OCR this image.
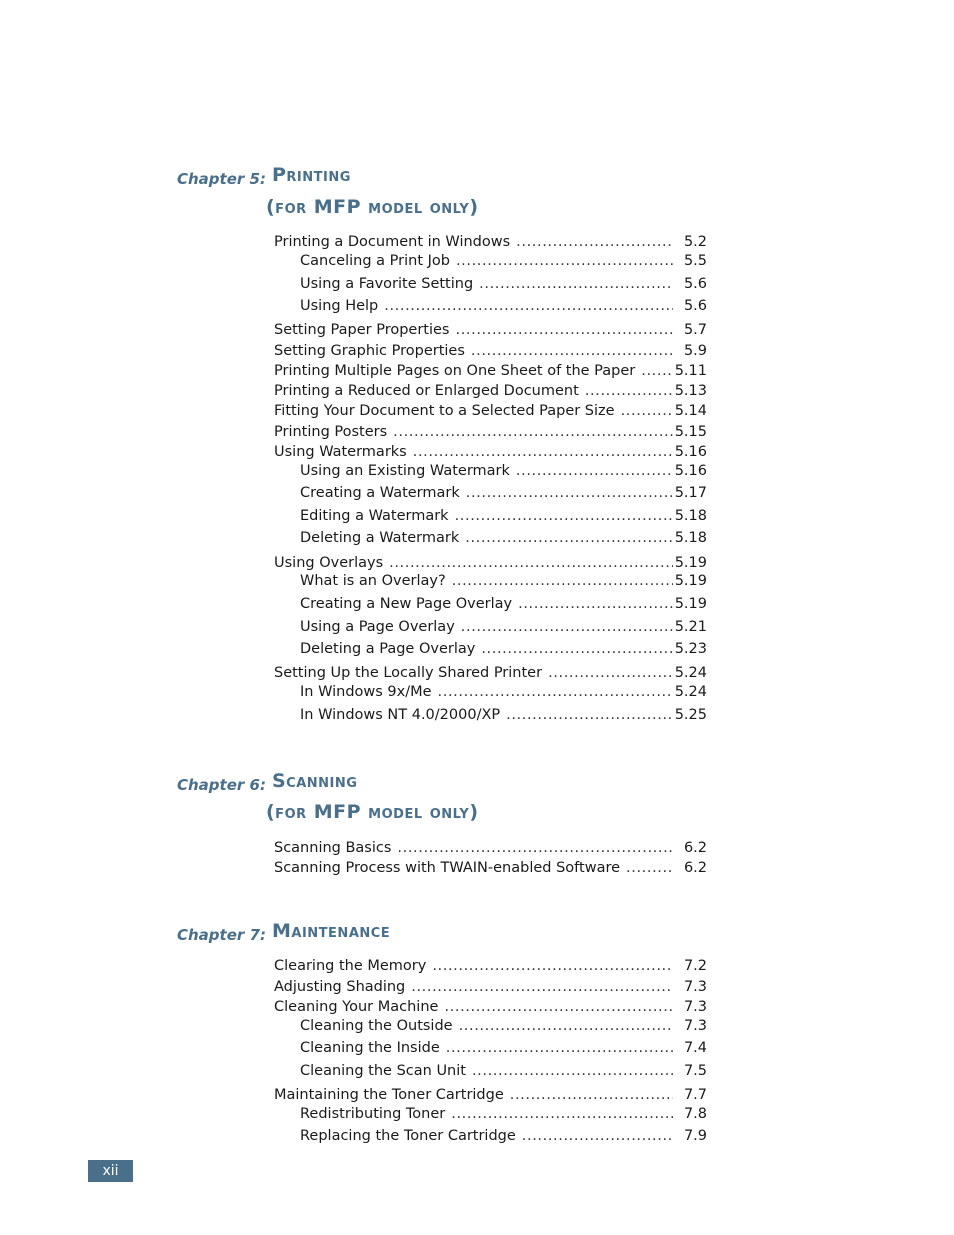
Chapter 5: Printing
(for MFP model only)
Printing a Document in Windows .....	5.2
Canceling a Print Job .....	5.5
Using a Favorite Setting .....	5.6
Using Help .....	5.6
Setting Paper Properties .....	5.7
Setting Graphic Properties .....	5.9
Printing Multiple Pages on One Sheet of the Paper .....	5.11
Printing a Reduced or Enlarged Document .....	5.13
Fitting Your Document to a Selected Paper Size .....	5.14
Printing Posters .....	5.15
Using Watermarks .....	5.16
Using an Existing Watermark .....	5.16
Creating a Watermark .....	5.17
Editing a Watermark .....	5.18
Deleting a Watermark .....	5.18
Using Overlays .....	5.19
What is an Overlay? .....	5.19
Creating a New Page Overlay .....	5.19
Using a Page Overlay .....	5.21
Deleting a Page Overlay .....	5.23
Setting Up the Locally Shared Printer .....	5.24
In Windows 9x/Me .....	5.24
In Windows NT 4.0/2000/XP .....	5.25
Chapter 6: Scanning
(for MFP model only)
Scanning Basics .....	6.2
Scanning Process with TWAIN-enabled Software .....	6.2
Chapter 7: Maintenance
Clearing the Memory .....	7.2
Adjusting Shading .....	7.3
Cleaning Your Machine .....	7.3
Cleaning the Outside .....	7.3
Cleaning the Inside .....	7.4
Cleaning the Scan Unit .....	7.5
Maintaining the Toner Cartridge .....	7.7
Redistributing Toner .....	7.8
Replacing the Toner Cartridge .....	7.9
xii
